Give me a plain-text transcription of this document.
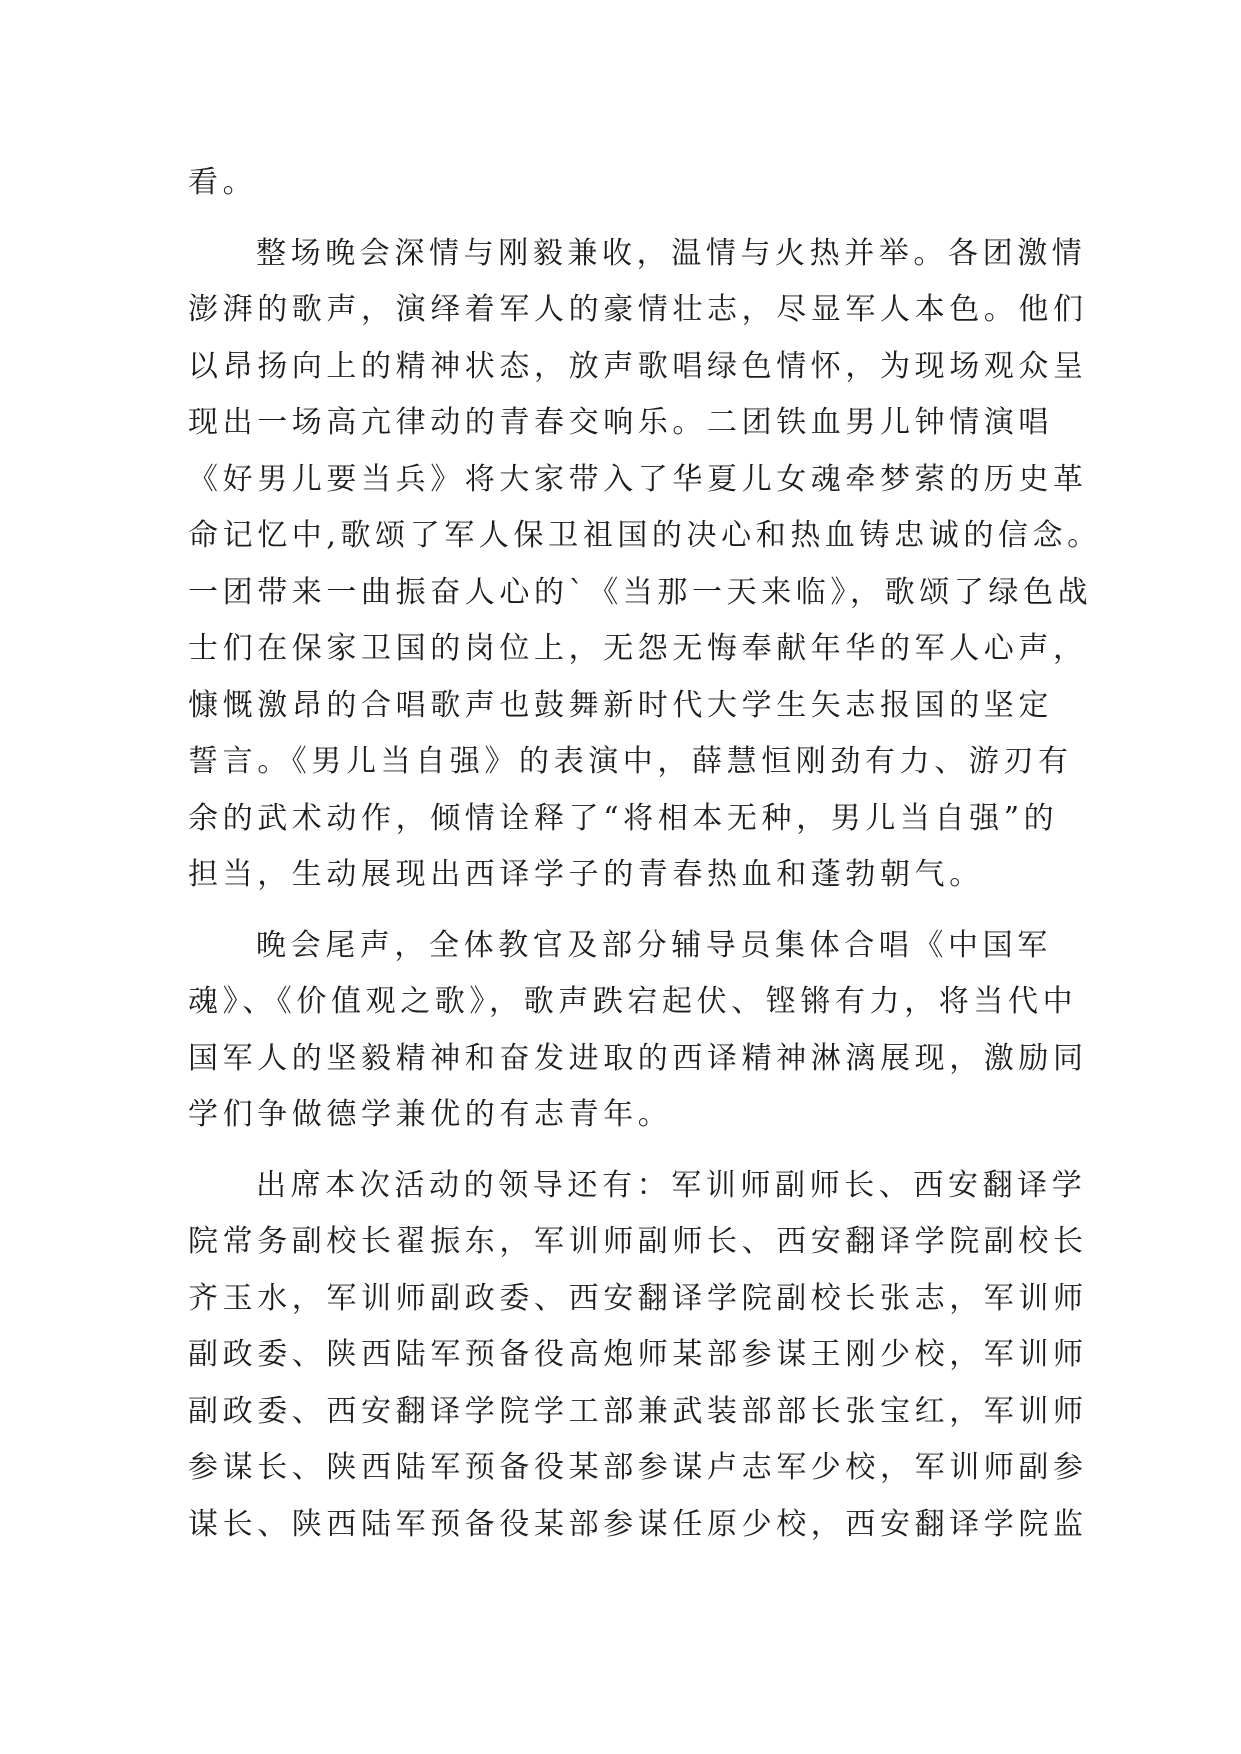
看。
整场晚会深情与刚毅兼收，温情与火热并举。各团激情
澎湃的歌声，演绎着军人的豪情壮志，尽显军人本色。他们
以昂扬向上的精神状态，放声歌唱绿色情怀，为现场观众呈
现出一场高亢律动的青春交响乐。二团铁血男儿钟情演唱
《好男儿要当兵》将大家带入了华夏儿女魂牵梦萦的历史革
命记忆中,歌颂了军人保卫祖国的决心和热血铸忠诚的信念。
一团带来一曲振奋人心的`《当那一天来临》，歌颂了绿色战
士们在保家卫国的岗位上，无怨无悔奉献年华的军人心声，
慷慨激昂的合唱歌声也鼓舞新时代大学生矢志报国的坚定
誓言。《男儿当自强》的表演中，薛慧恒刚劲有力、游刃有
余的武术动作，倾情诠释了“将相本无种，男儿当自强”的
担当，生动展现出西译学子的青春热血和蓬勃朝气。
晚会尾声，全体教官及部分辅导员集体合唱《中国军
魂》、《价值观之歌》，歌声跌宕起伏、铿锵有力，将当代中
国军人的坚毅精神和奋发进取的西译精神淋漓展现，激励同
学们争做德学兼优的有志青年。
出席本次活动的领导还有：军训师副师长、西安翻译学
院常务副校长翟振东，军训师副师长、西安翻译学院副校长
齐玉水，军训师副政委、西安翻译学院副校长张志，军训师
副政委、陕西陆军预备役高炮师某部参谋王刚少校，军训师
副政委、西安翻译学院学工部兼武装部部长张宝红，军训师
参谋长、陕西陆军预备役某部参谋卢志军少校，军训师副参
谋长、陕西陆军预备役某部参谋任原少校，西安翻译学院监
